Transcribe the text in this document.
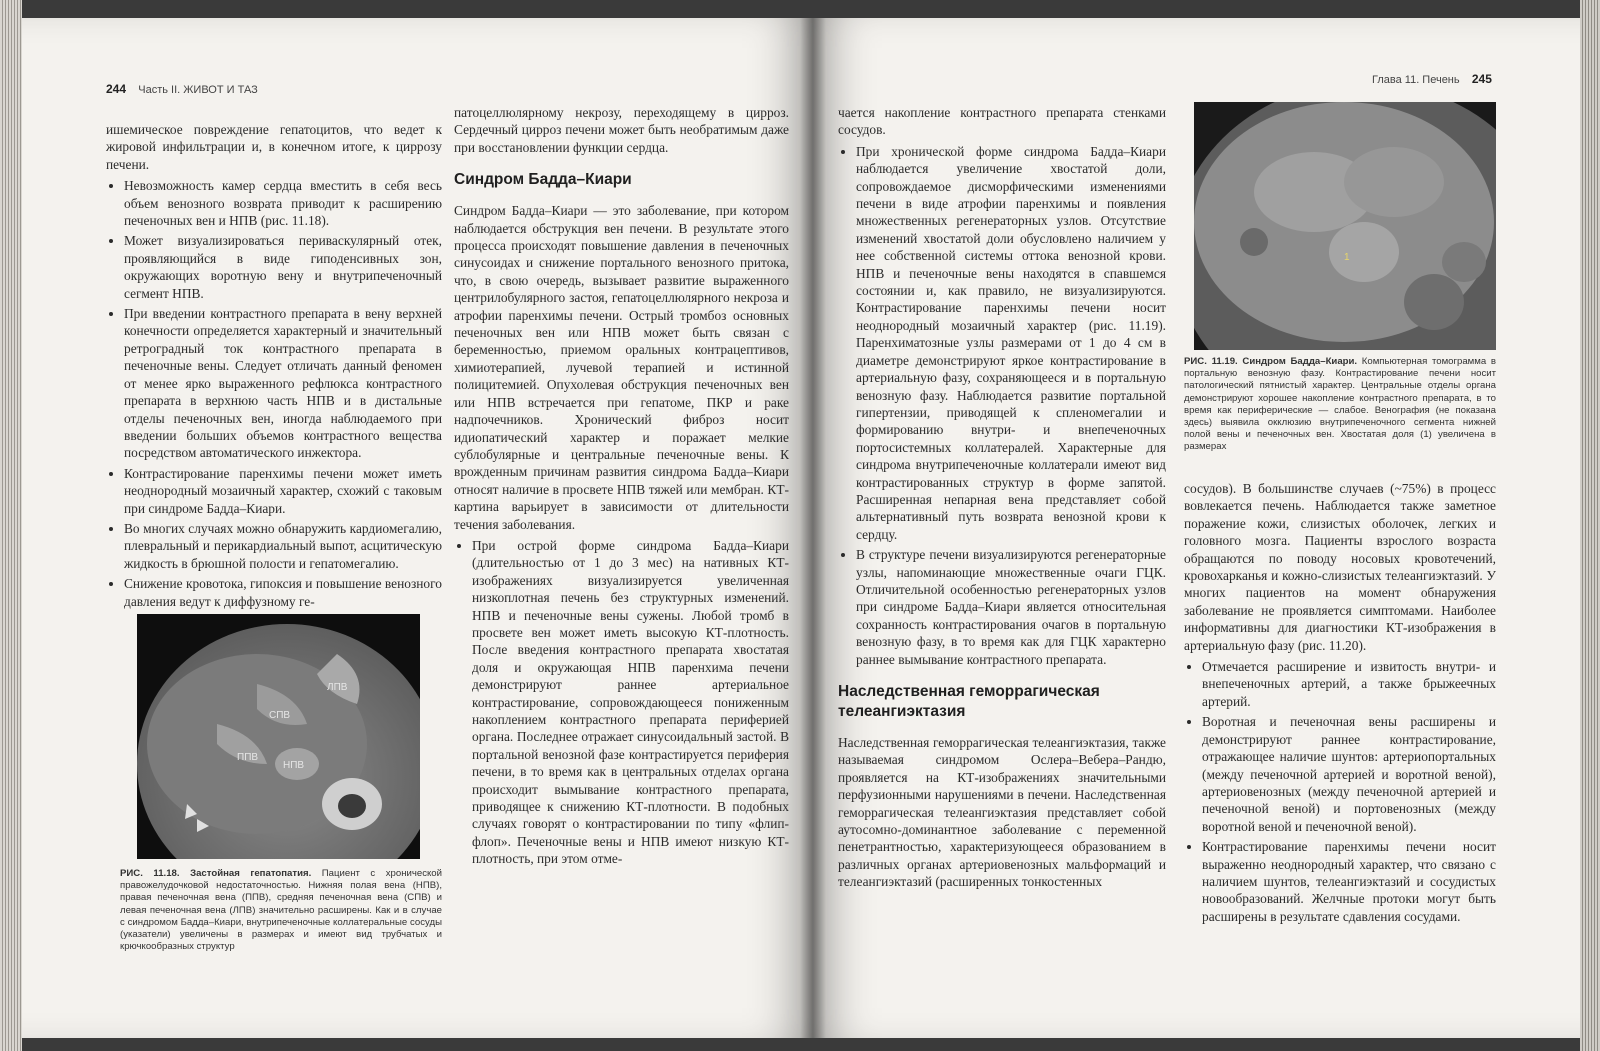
244 Часть II. ЖИВОТ И ТАЗ

ишемическое повреждение гепатоцитов, что ведет к жировой инфильтрации и, в конечном итоге, к циррозу печени.

• Невозможность камер сердца вместить в себя весь объем венозного возврата приводит к расширению печеночных вен и НПВ (рис. 11.18).
• Может визуализироваться периваскулярный отек, проявляющийся в виде гиподенсивных зон, окружающих воротную вену и внутрипеченочный сегмент НПВ.
• При введении контрастного препарата в вену верхней конечности определяется характерный и значительный ретроградный ток контрастного препарата в печеночные вены. Следует отличать данный феномен от менее ярко выраженного рефлюкса контрастного препарата в верхнюю часть НПВ и в дистальные отделы печеночных вен, иногда наблюдаемого при введении больших объемов контрастного вещества посредством автоматического инжектора.
• Контрастирование паренхимы печени может иметь неоднородный мозаичный характер, схожий с таковым при синдроме Бадда–Киари.
• Во многих случаях можно обнаружить кардиомегалию, плевральный и перикардиальный выпот, асцитическую жидкость в брюшной полости и гепатомегалию.
• Снижение кровотока, гипоксия и повышение венозного давления ведут к диффузному ге-
ЛПВ
СПВ
ППВ
НПВ
РИС. 11.18. Застойная гепатопатия. Пациент с хронической правожелудочковой недостаточностью. Нижняя полая вена (НПВ), правая печеночная вена (ППВ), средняя печеночная вена (СПВ) и левая печеночная вена (ЛПВ) значительно расширены. Как и в случае с синдромом Бадда–Киари, внутрипеченочные коллатеральные сосуды (указатели) увеличены в размерах и имеют вид трубчатых и крючкообразных структур

патоцеллюлярному некрозу, переходящему в цирроз. Сердечный цирроз печени может быть необратимым даже при восстановлении функции сердца.

Синдром Бадда–Киари

Синдром Бадда–Киари — это заболевание, при котором наблюдается обструкция вен печени. В результате этого процесса происходят повышение давления в печеночных синусоидах и снижение портального венозного притока, что, в свою очередь, вызывает развитие выраженного центрилобулярного застоя, гепатоцеллюлярного некроза и атрофии паренхимы печени. Острый тромбоз основных печеночных вен или НПВ может быть связан с беременностью, приемом оральных контрацептивов, химиотерапией, лучевой терапией и истинной полицитемией. Опухолевая обструкция печеночных вен или НПВ встречается при гепатоме, ПКР и раке надпочечников. Хронический фиброз носит идиопатический характер и поражает мелкие сублобулярные и центральные печеночные вены. К врожденным причинам развития синдрома Бадда–Киари относят наличие в просвете НПВ тяжей или мембран. КТ-картина варьирует в зависимости от длительности течения заболевания.

• При острой форме синдрома Бадда–Киари (длительностью от 1 до 3 мес) на нативных КТ-изображениях визуализируется увеличенная низкоплотная печень без структурных изменений. НПВ и печеночные вены сужены. Любой тромб в просвете вен может иметь высокую КТ-плотность. После введения контрастного препарата хвостатая доля и окружающая НПВ паренхима печени демонстрируют раннее артериальное контрастирование, сопровождающееся пониженным накоплением контрастного препарата периферией органа. Последнее отражает синусоидальный застой. В портальной венозной фазе контрастируется периферия печени, в то время как в центральных отделах органа происходит вымывание контрастного препарата, приводящее к снижению КТ-плотности. В подобных случаях говорят о контрастировании по типу «флип-флоп». Печеночные вены и НПВ имеют низкую КТ-плотность, при этом отме-
Глава 11. Печень 245

чается накопление контрастного препарата стенками сосудов.

• При хронической форме синдрома Бадда–Киари наблюдается увеличение хвостатой доли, сопровождаемое дисморфическими изменениями печени в виде атрофии паренхимы и появления множественных регенераторных узлов. Отсутствие изменений хвостатой доли обусловлено наличием у нее собственной системы оттока венозной крови. НПВ и печеночные вены находятся в спавшемся состоянии и, как правило, не визуализируются. Контрастирование паренхимы печени носит неоднородный мозаичный характер (рис. 11.19). Паренхиматозные узлы размерами от 1 до 4 см в диаметре демонстрируют яркое контрастирование в артериальную фазу, сохраняющееся и в портальную венозную фазу. Наблюдается развитие портальной гипертензии, приводящей к спленомегалии и формированию внутри- и внепеченочных портосистемных коллатералей. Характерные для синдрома внутрипеченочные коллатерали имеют вид контрастированных структур в форме запятой. Расширенная непарная вена представляет собой альтернативный путь возврата венозной крови к сердцу.
• В структуре печени визуализируются регенераторные узлы, напоминающие множественные очаги ГЦК. Отличительной особенностью регенераторных узлов при синдроме Бадда–Киари является относительная сохранность контрастирования очагов в портальную венозную фазу, в то время как для ГЦК характерно раннее вымывание контрастного препарата.
Наследственная геморрагическая телеангиэктазия

Наследственная геморрагическая телеангиэктазия, также называемая синдромом Ослера–Вебера–Рандю, проявляется на КТ-изображениях значительными перфузионными нарушениями в печени. Наследственная геморрагическая телеангиэктазия представляет собой аутосомно-доминантное заболевание с переменной пенетрантностью, характеризующееся образованием в различных органах артериовенозных мальформаций и телеангиэктазий (расширенных тонкостенных

1
РИС. 11.19. Синдром Бадда–Киари. Компьютерная томограмма в портальную венозную фазу. Контрастирование печени носит патологический пятнистый характер. Центральные отделы органа демонстрируют хорошее накопление контрастного препарата, в то время как периферические — слабое. Венография (не показана здесь) выявила окклюзию внутрипеченочного сегмента нижней полой вены и печеночных вен. Хвостатая доля (1) увеличена в размерах

сосудов). В большинстве случаев (~75%) в процесс вовлекается печень. Наблюдается также заметное поражение кожи, слизистых оболочек, легких и головного мозга. Пациенты взрослого возраста обращаются по поводу носовых кровотечений, кровохарканья и кожно-слизистых телеангиэктазий. У многих пациентов на момент обнаружения заболевание не проявляется симптомами. Наиболее информативны для диагностики КТ-изображения в артериальную фазу (рис. 11.20).

• Отмечается расширение и извитость внутри- и внепеченочных артерий, а также брыжеечных артерий.
• Воротная и печеночная вены расширены и демонстрируют раннее контрастирование, отражающее наличие шунтов: артериопортальных (между печеночной артерией и воротной веной), артериовенозных (между печеночной артерией и печеночной веной) и портовенозных (между воротной веной и печеночной веной).
• Контрастирование паренхимы печени носит выраженно неоднородный характер, что связано с наличием шунтов, телеангиэктазий и сосудистых новообразований. Желчные протоки могут быть расширены в результате сдавления сосудами.
